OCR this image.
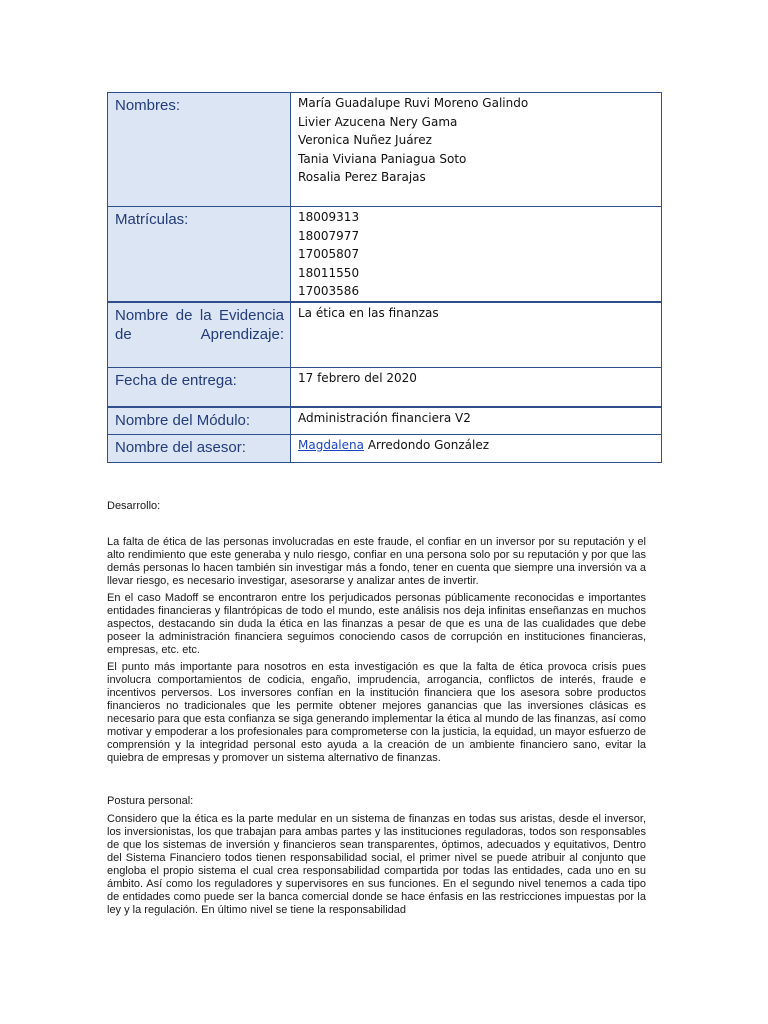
Nombres:	María Guadalupe Ruvi Moreno Galindo
Livier Azucena Nery Gama
Veronica Nuñez Juárez
Tania Viviana Paniagua Soto
Rosalia Perez Barajas

Matrículas:	18009313
18007977
17005807
18011550
17003586

Nombre de la Evidencia de Aprendizaje:	La ética en las finanzas
Fecha de entrega:	17 febrero del 2020
Nombre del Módulo:	Administración financiera V2
Nombre del asesor:	Magdalena Arredondo González

Desarrollo:

La falta de ética de las personas involucradas en este fraude, el confiar en un inversor por su reputación y el alto rendimiento que este generaba y nulo riesgo, confiar en una persona solo por su reputación y por que las demás personas lo hacen también sin investigar más a fondo, tener en cuenta que siempre una inversión va a llevar riesgo, es necesario investigar, asesorarse y analizar antes de invertir.

En el caso Madoff se encontraron entre los perjudicados personas públicamente reconocidas e importantes entidades financieras y filantrópicas de todo el mundo, este análisis nos deja infinitas enseñanzas en muchos aspectos, destacando sin duda la ética en las finanzas a pesar de que es una de las cualidades que debe poseer la administración financiera seguimos conociendo casos de corrupción en instituciones financieras, empresas, etc. etc.

El punto más importante para nosotros en esta investigación es que la falta de ética provoca crisis pues involucra comportamientos de codicia, engaño, imprudencia, arrogancia, conflictos de interés, fraude e incentivos perversos. Los inversores confían en la institución financiera que los asesora sobre productos financieros no tradicionales que les permite obtener mejores ganancias que las inversiones clásicas es necesario para que esta confianza se siga generando implementar la ética al mundo de las finanzas, así como motivar y empoderar a los profesionales para comprometerse con la justicia, la equidad, un mayor esfuerzo de comprensión y la integridad personal esto ayuda a la creación de un ambiente financiero sano, evitar la quiebra de empresas y promover un sistema alternativo de finanzas.

Postura personal:

Considero que la ética es la parte medular en un sistema de finanzas en todas sus aristas, desde el inversor, los inversionistas, los que trabajan para ambas partes y las instituciones reguladoras, todos son responsables de que los sistemas de inversión y financieros sean transparentes, óptimos, adecuados y equitativos, Dentro del Sistema Financiero todos tienen responsabilidad social, el primer nivel se puede atribuir al conjunto que engloba el propio sistema el cual crea responsabilidad compartida por todas las entidades, cada uno en su ámbito. Así como los reguladores y supervisores en sus funciones. En el segundo nivel tenemos a cada tipo de entidades como puede ser la banca comercial donde se hace énfasis en las restricciones impuestas por la ley y la regulación. En último nivel se tiene la responsabilidad
